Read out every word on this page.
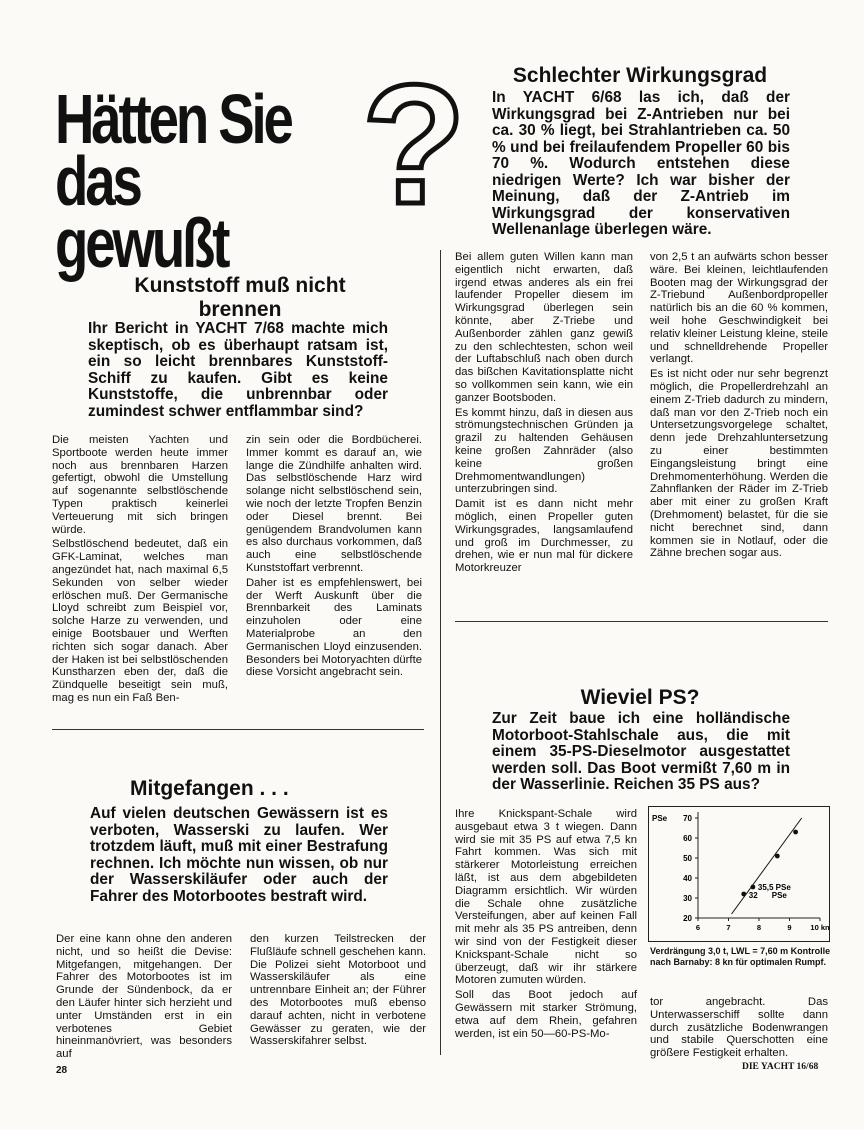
Hätten Sie
das gewußt
?
Kunststoff muß nicht brennen
Ihr Bericht in YACHT 7/68 machte mich skeptisch, ob es überhaupt ratsam ist, ein so leicht brennbares Kunststoff-Schiff zu kaufen. Gibt es keine Kunststoffe, die unbrennbar oder zumindest schwer entflammbar sind?

Die meisten Yachten und Sportboote werden heute immer noch aus brennbaren Harzen gefertigt, obwohl die Umstellung auf sogenannte selbstlöschende Typen praktisch keinerlei Verteuerung mit sich bringen würde.

Selbstlöschend bedeutet, daß ein GFK-Laminat, welches man angezündet hat, nach maximal 6,5 Sekunden von selber wieder erlöschen muß. Der Germanische Lloyd schreibt zum Beispiel vor, solche Harze zu verwenden, und einige Bootsbauer und Werften richten sich sogar danach. Aber der Haken ist bei selbstlöschenden Kunstharzen eben der, daß die Zündquelle beseitigt sein muß, mag es nun ein Faß Ben-

zin sein oder die Bordbücherei. Immer kommt es darauf an, wie lange die Zündhilfe anhalten wird. Das selbstlöschende Harz wird solange nicht selbstlöschend sein, wie noch der letzte Tropfen Benzin oder Diesel brennt. Bei genügendem Brandvolumen kann es also durchaus vorkommen, daß auch eine selbstlöschende Kunststoffart verbrennt.

Daher ist es empfehlenswert, bei der Werft Auskunft über die Brennbarkeit des Laminats einzuholen oder eine Materialprobe an den Germanischen Lloyd einzusenden. Besonders bei Motoryachten dürfte diese Vorsicht angebracht sein.

Mitgefangen . . .
Auf vielen deutschen Gewässern ist es verboten, Wasserski zu laufen. Wer trotzdem läuft, muß mit einer Bestrafung rechnen. Ich möchte nun wissen, ob nur der Wasserskiläufer oder auch der Fahrer des Motorbootes bestraft wird.

Der eine kann ohne den anderen nicht, und so heißt die Devise: Mitgefangen, mitgehangen. Der Fahrer des Motorbootes ist im Grunde der Sündenbock, da er den Läufer hinter sich herzieht und unter Umständen erst in ein verbotenes Gebiet hineinmanövriert, was besonders auf

den kurzen Teilstrecken der Flußläufe schnell geschehen kann. Die Polizei sieht Motorboot und Wasserskiläufer als eine untrennbare Einheit an; der Führer des Motorbootes muß ebenso darauf achten, nicht in verbotene Gewässer zu geraten, wie der Wasserskifahrer selbst.

Schlechter Wirkungsgrad
In YACHT 6/68 las ich, daß der Wirkungsgrad bei Z-Antrieben nur bei ca. 30 % liegt, bei Strahlantrieben ca. 50 % und bei freilaufendem Propeller 60 bis 70 %. Wodurch entstehen diese niedrigen Werte? Ich war bisher der Meinung, daß der Z-Antrieb im Wirkungsgrad der konservativen Wellenanlage überlegen wäre.

Bei allem guten Willen kann man eigentlich nicht erwarten, daß irgend etwas anderes als ein frei laufender Propeller diesem im Wirkungsgrad überlegen sein könnte, aber Z-Triebe und Außenborder zählen ganz gewiß zu den schlechtesten, schon weil der Luftabschluß nach oben durch das bißchen Kavitationsplatte nicht so vollkommen sein kann, wie ein ganzer Bootsboden.

Es kommt hinzu, daß in diesen aus strömungstechnischen Gründen ja grazil zu haltenden Gehäusen keine großen Zahnräder (also keine großen Drehmomentwandlungen) unterzubringen sind.

Damit ist es dann nicht mehr möglich, einen Propeller guten Wirkungsgrades, langsamlaufend und groß im Durchmesser, zu drehen, wie er nun mal für dickere Motorkreuzer

von 2,5 t an aufwärts schon besser wäre. Bei kleinen, leichtlaufenden Booten mag der Wirkungsgrad der Z-Triebund Außenbordpropeller natürlich bis an die 60 % kommen, weil hohe Geschwindigkeit bei relativ kleiner Leistung kleine, steile und schnelldrehende Propeller verlangt.

Es ist nicht oder nur sehr begrenzt möglich, die Propellerdrehzahl an einem Z-Trieb dadurch zu mindern, daß man vor den Z-Trieb noch ein Untersetzungsvorgelege schaltet, denn jede Drehzahluntersetzung zu einer bestimmten Eingangsleistung bringt eine Drehmomenterhöhung. Werden die Zahnflanken der Räder im Z-Trieb aber mit einer zu großen Kraft (Drehmoment) belastet, für die sie nicht berechnet sind, dann kommen sie in Notlauf, oder die Zähne brechen sogar aus.

Wieviel PS?
Zur Zeit baue ich eine holländische Motorboot-Stahlschale aus, die mit einem 35-PS-Dieselmotor ausgestattet werden soll. Das Boot vermißt 7,60 m in der Wasserlinie. Reichen 35 PS aus?

Ihre Knickspant-Schale wird ausgebaut etwa 3 t wiegen. Dann wird sie mit 35 PS auf etwa 7,5 kn Fahrt kommen. Was sich mit stärkerer Motorleistung erreichen läßt, ist aus dem abgebildeten Diagramm ersichtlich. Wir würden die Schale ohne zusätzliche Versteifungen, aber auf keinen Fall mit mehr als 35 PS antreiben, denn wir sind von der Festigkeit dieser Knickspant-Schale nicht so überzeugt, daß wir ihr stärkere Motoren zumuten würden.

Soll das Boot jedoch auf Gewässern mit starker Strömung, etwa auf dem Rhein, gefahren werden, ist ein 50—60-PS-Mo-

20
30
40
50
60
70
6	7	8	9	10 kn
PSe
35,5 PSe
32 PSe
Verdrängung 3,0 t, LWL = 7,60 m Kontrolle nach Barnaby: 8 kn für optimalen Rumpf.

tor angebracht. Das Unterwasserschiff sollte dann durch zusätzliche Bodenwrangen und stabile Querschotten eine größere Festigkeit erhalten.

28	DIE YACHT 16/68
